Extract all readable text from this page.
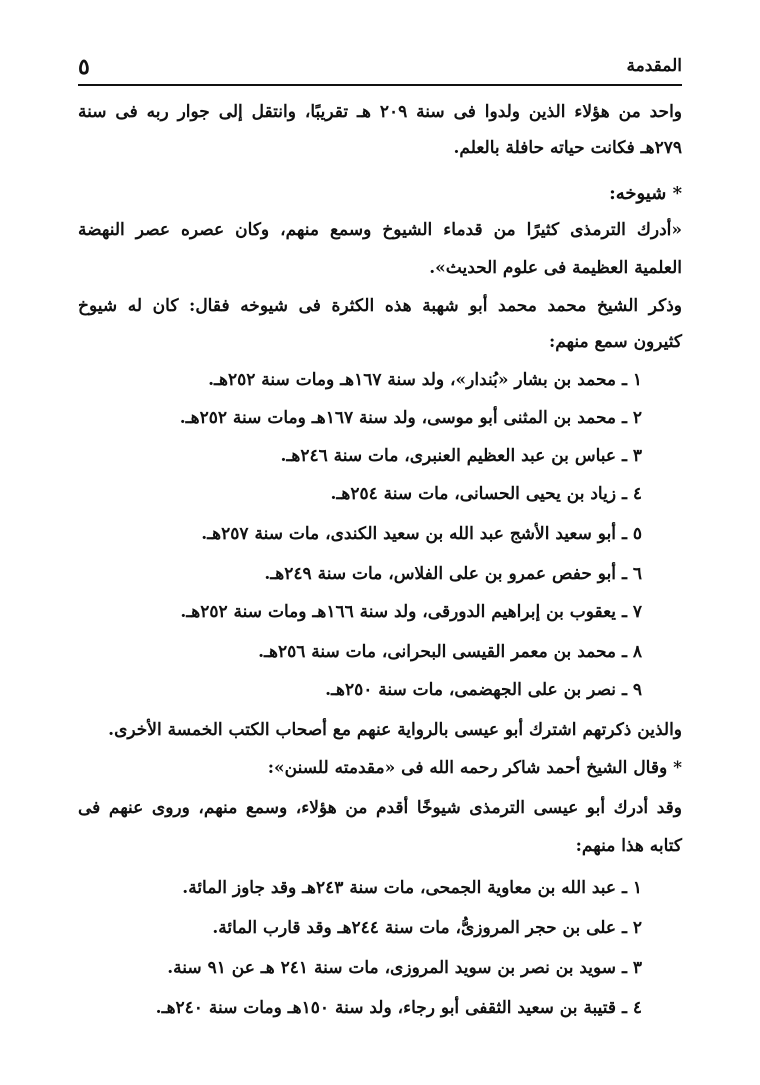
المقدمة
٥
واحد من هؤلاء الذين ولدوا فى سنة ٢٠٩ هـ تقريبًا، وانتقل إلى جوار ربه فى سنة
٢٧٩هـ فكانت حياته حافلة بالعلم.
* شيوخه:
«أدرك الترمذى كثيرًا من قدماء الشيوخ وسمع منهم، وكان عصره عصر النهضة
العلمية العظيمة فى علوم الحديث».
وذكر الشيخ محمد محمد أبو شهبة هذه الكثرة فى شيوخه فقال: كان له شيوخ
كثيرون سمع منهم:
١ ـ محمد بن بشار «بُندار»، ولد سنة ١٦٧هـ ومات سنة ٢٥٢هـ.
٢ ـ محمد بن المثنى أبو موسى، ولد سنة ١٦٧هـ ومات سنة ٢٥٢هـ.
٣ ـ عباس بن عبد العظيم العنبرى، مات سنة ٢٤٦هـ.
٤ ـ زياد بن يحيى الحسانى، مات سنة ٢٥٤هـ.
٥ ـ أبو سعيد الأشج عبد الله بن سعيد الكندى، مات سنة ٢٥٧هـ.
٦ ـ أبو حفص عمرو بن على الفلاس، مات سنة ٢٤٩هـ.
٧ ـ يعقوب بن إبراهيم الدورقى، ولد سنة ١٦٦هـ ومات سنة ٢٥٢هـ.
٨ ـ محمد بن معمر القيسى البحرانى، مات سنة ٢٥٦هـ.
٩ ـ نصر بن على الجهضمى، مات سنة ٢٥٠هـ.
والذين ذكرتهم اشترك أبو عيسى بالرواية عنهم مع أصحاب الكتب الخمسة الأخرى.
* وقال الشيخ أحمد شاكر رحمه الله فى «مقدمته للسنن»:
وقد أدرك أبو عيسى الترمذى شيوخًا أقدم من هؤلاء، وسمع منهم، وروى عنهم فى
كتابه هذا منهم:
١ ـ عبد الله بن معاوية الجمحى، مات سنة ٢٤٣هـ وقد جاوز المائة.
٢ ـ على بن حجر المروزىُّ، مات سنة ٢٤٤هـ وقد قارب المائة.
٣ ـ سويد بن نصر بن سويد المروزى، مات سنة ٢٤١ هـ عن ٩١ سنة.
٤ ـ قتيبة بن سعيد الثقفى أبو رجاء، ولد سنة ١٥٠هـ ومات سنة ٢٤٠هـ.
